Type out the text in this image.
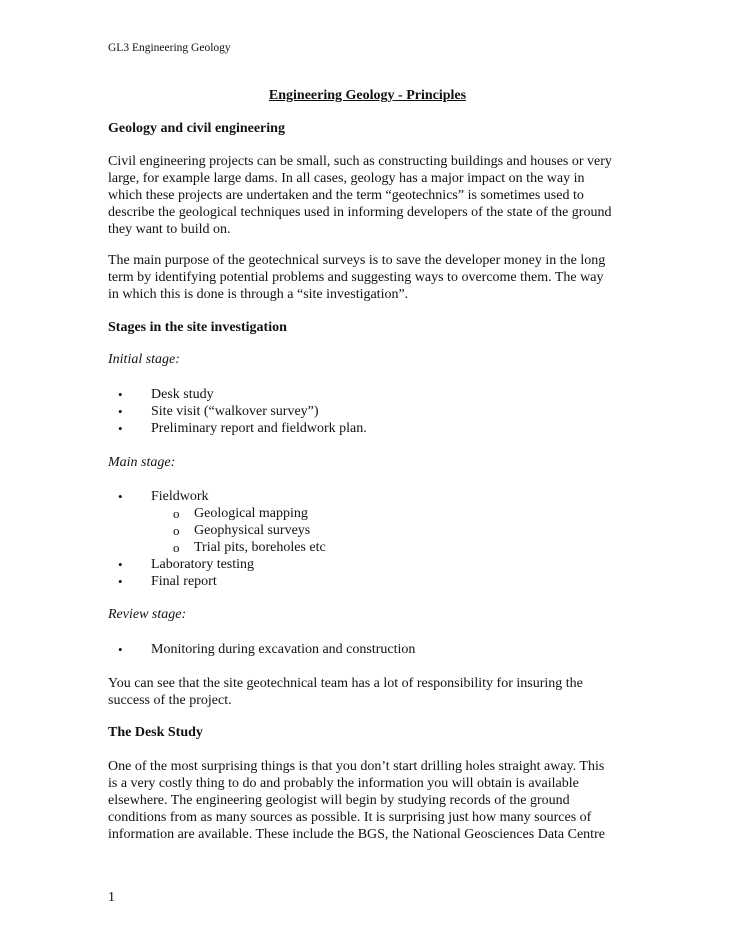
GL3 Engineering Geology

Engineering Geology - Principles

Geology and civil engineering

Civil engineering projects can be small, such as constructing buildings and houses or very
large, for example large dams. In all cases, geology has a major impact on the way in
which these projects are undertaken and the term “geotechnics” is sometimes used to
describe the geological techniques used in informing developers of the state of the ground
they want to build on.
The main purpose of the geotechnical surveys is to save the developer money in the long
term by identifying potential problems and suggesting ways to overcome them. The way
in which this is done is through a “site investigation”.

Stages in the site investigation

Initial stage:

• Desk study
• Site visit (“walkover survey”)
• Preliminary report and fieldwork plan.

Main stage:

• Fieldwork
o Geological mapping
o Geophysical surveys
o Trial pits, boreholes etc
• Laboratory testing
• Final report

Review stage:

• Monitoring during excavation and construction
You can see that the site geotechnical team has a lot of responsibility for insuring the
success of the project.

The Desk Study

One of the most surprising things is that you don’t start drilling holes straight away. This
is a very costly thing to do and probably the information you will obtain is available
elsewhere. The engineering geologist will begin by studying records of the ground
conditions from as many sources as possible. It is surprising just how many sources of
information are available. These include the BGS, the National Geosciences Data Centre

1
